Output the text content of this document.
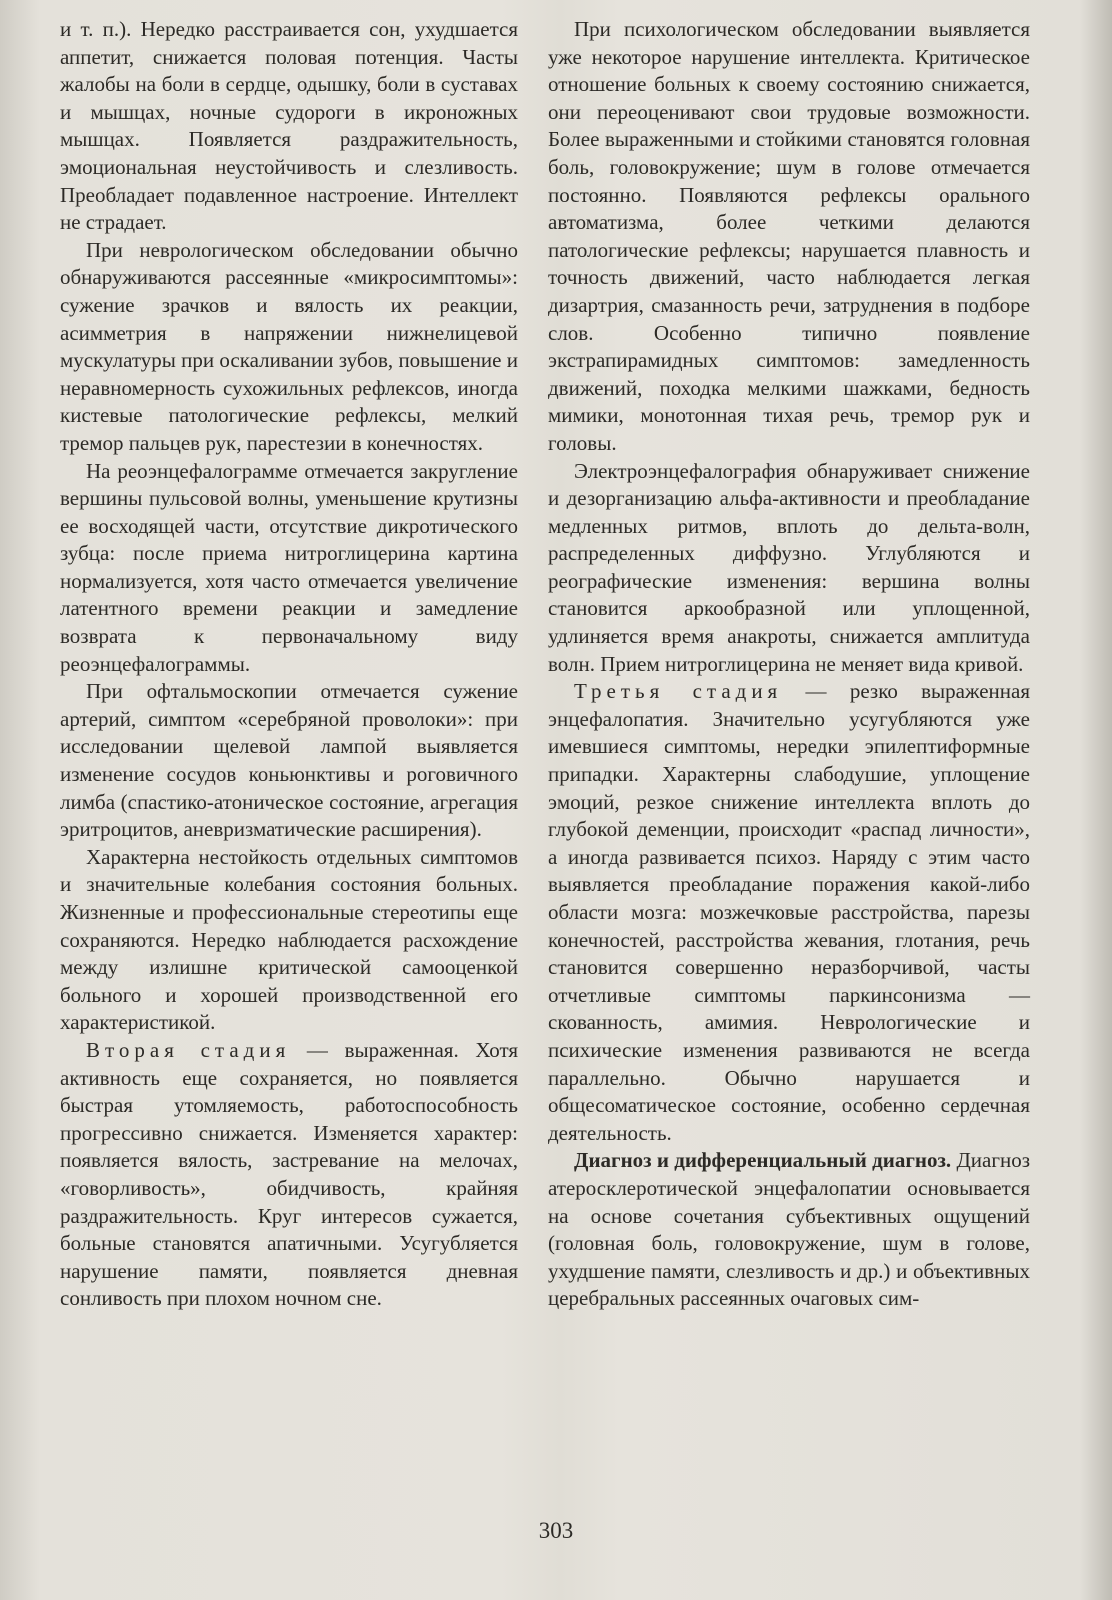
и т. п.). Нередко расстраивается сон, ухудшается аппетит, снижается половая потенция. Часты жалобы на боли в сердце, одышку, боли в суставах и мышцах, ночные судороги в икроножных мышцах. Появляется раздражительность, эмоциональная неустойчивость и слезливость. Преобладает подавленное настроение. Интеллект не страдает.

При неврологическом обследовании обычно обнаруживаются рассеянные «микросимптомы»: сужение зрачков и вялость их реакции, асимметрия в напряжении нижнелицевой мускулатуры при оскаливании зубов, повышение и неравномерность сухожильных рефлексов, иногда кистевые патологические рефлексы, мелкий тремор пальцев рук, парестезии в конечностях.

На реоэнцефалограмме отмечается закругление вершины пульсовой волны, уменьшение крутизны ее восходящей части, отсутствие дикротического зубца: после приема нитроглицерина картина нормализуется, хотя часто отмечается увеличение латентного времени реакции и замедление возврата к первоначальному виду реоэнцефалограммы.

При офтальмоскопии отмечается сужение артерий, симптом «серебряной проволоки»: при исследовании щелевой лампой выявляется изменение сосудов коньюнктивы и роговичного лимба (спастико-атоническое состояние, агрегация эритроцитов, аневризматические расширения).

Характерна нестойкость отдельных симптомов и значительные колебания состояния больных. Жизненные и профессиональные стереотипы еще сохраняются. Нередко наблюдается расхождение между излишне критической самооценкой больного и хорошей производственной его характеристикой.

Вторая стадия — выраженная. Хотя активность еще сохраняется, но появляется быстрая утомляемость, работоспособность прогрессивно снижается. Изменяется характер: появляется вялость, застревание на мелочах, «говорливость», обидчивость, крайняя раздражительность. Круг интересов сужается, больные становятся апатичными. Усугубляется нарушение памяти, появляется дневная сонливость при плохом ночном сне.

При психологическом обследовании выявляется уже некоторое нарушение интеллекта. Критическое отношение больных к своему состоянию снижается, они переоценивают свои трудовые возможности. Более выраженными и стойкими становятся головная боль, головокружение; шум в голове отмечается постоянно. Появляются рефлексы орального автоматизма, более четкими делаются патологические рефлексы; нарушается плавность и точность движений, часто наблюдается легкая дизартрия, смазанность речи, затруднения в подборе слов. Особенно типично появление экстрапирамидных симптомов: замедленность движений, походка мелкими шажками, бедность мимики, монотонная тихая речь, тремор рук и головы.

Электроэнцефалография обнаруживает снижение и дезорганизацию альфа-активности и преобладание медленных ритмов, вплоть до дельта-волн, распределенных диффузно. Углубляются и реографические изменения: вершина волны становится аркообразной или уплощенной, удлиняется время анакроты, снижается амплитуда волн. Прием нитроглицерина не меняет вида кривой.

Третья стадия — резко выраженная энцефалопатия. Значительно усугубляются уже имевшиеся симптомы, нередки эпилептиформные припадки. Характерны слабодушие, уплощение эмоций, резкое снижение интеллекта вплоть до глубокой деменции, происходит «распад личности», а иногда развивается психоз. Наряду с этим часто выявляется преобладание поражения какой-либо области мозга: мозжечковые расстройства, парезы конечностей, расстройства жевания, глотания, речь становится совершенно неразборчивой, часты отчетливые симптомы паркинсонизма — скованность, амимия. Неврологические и психические изменения развиваются не всегда параллельно. Обычно нарушается и общесоматическое состояние, особенно сердечная деятельность.

Диагноз и дифференциальный диагноз. Диагноз атеросклеротической энцефалопатии основывается на основе сочетания субъективных ощущений (головная боль, головокружение, шум в голове, ухудшение памяти, слезливость и др.) и объективных церебральных рассеянных очаговых сим-

303
